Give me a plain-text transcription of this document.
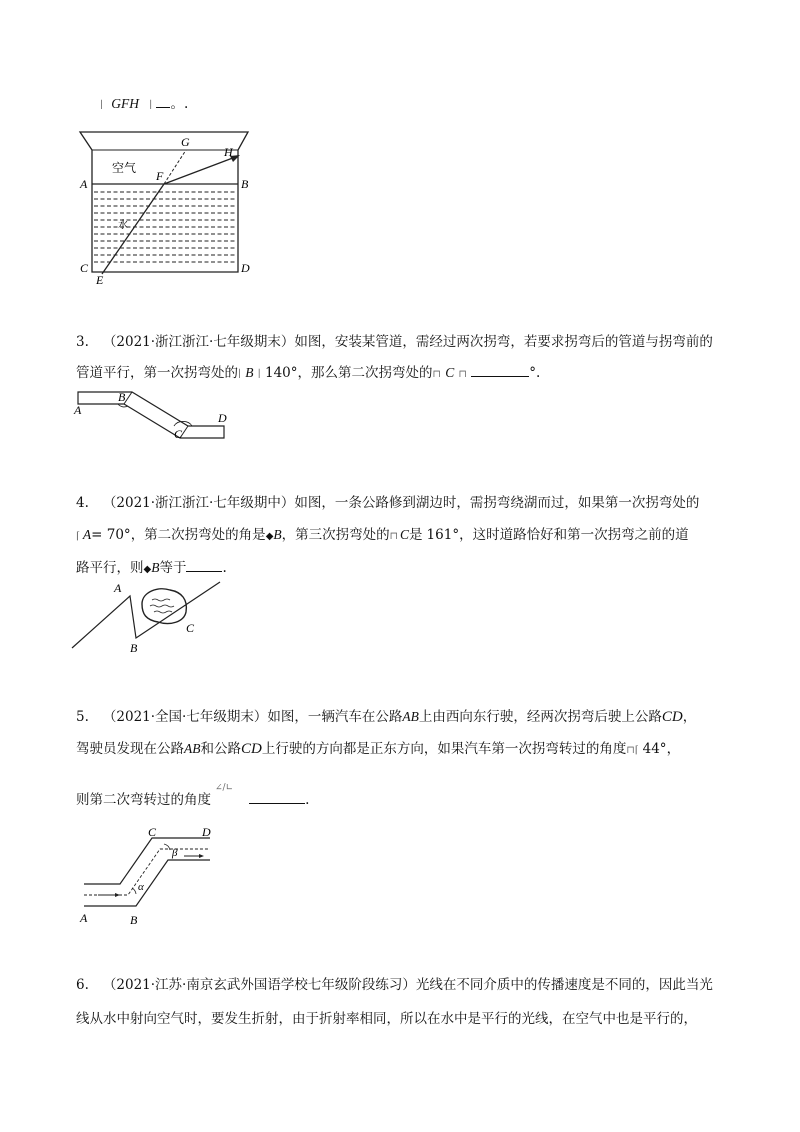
∣ GFH ∣ 。.
空气
水
G
H
F
A	B
C	D
E
3. （2021·浙江浙江·七年级期末）如图，安装某管道，需经过两次拐弯，若要求拐弯后的管道与拐弯前的
管道平行，第一次拐弯处的∣ B ∣ 140°，那么第二次拐弯处的⊓ C ⊓	°.
A
B
C
D
4. （2021·浙江浙江·七年级期中）如图，一条公路修到湖边时，需拐弯绕湖而过，如果第一次拐弯处的
⌈ A= 70°，第二次拐弯处的角是◆B，第三次拐弯处的⊓ C是 161°，这时道路恰好和第一次拐弯之前的道
路平行，则◆B等于	.
A
B
C
5. （2021·全国·七年级期末）如图，一辆汽车在公路AB上由西向东行驶，经两次拐弯后驶上公路CD，
驾驶员发现在公路AB和公路CD上行驶的方向都是正东方向，如果汽车第一次拐弯转过的角度⊓⌈ 44°，
则第二次弯转过的角度∠/∟.
α
β
C	D
A	B
6. （2021·江苏·南京玄武外国语学校七年级阶段练习）光线在不同介质中的传播速度是不同的，因此当光
线从水中射向空气时，要发生折射，由于折射率相同，所以在水中是平行的光线，在空气中也是平行的，
